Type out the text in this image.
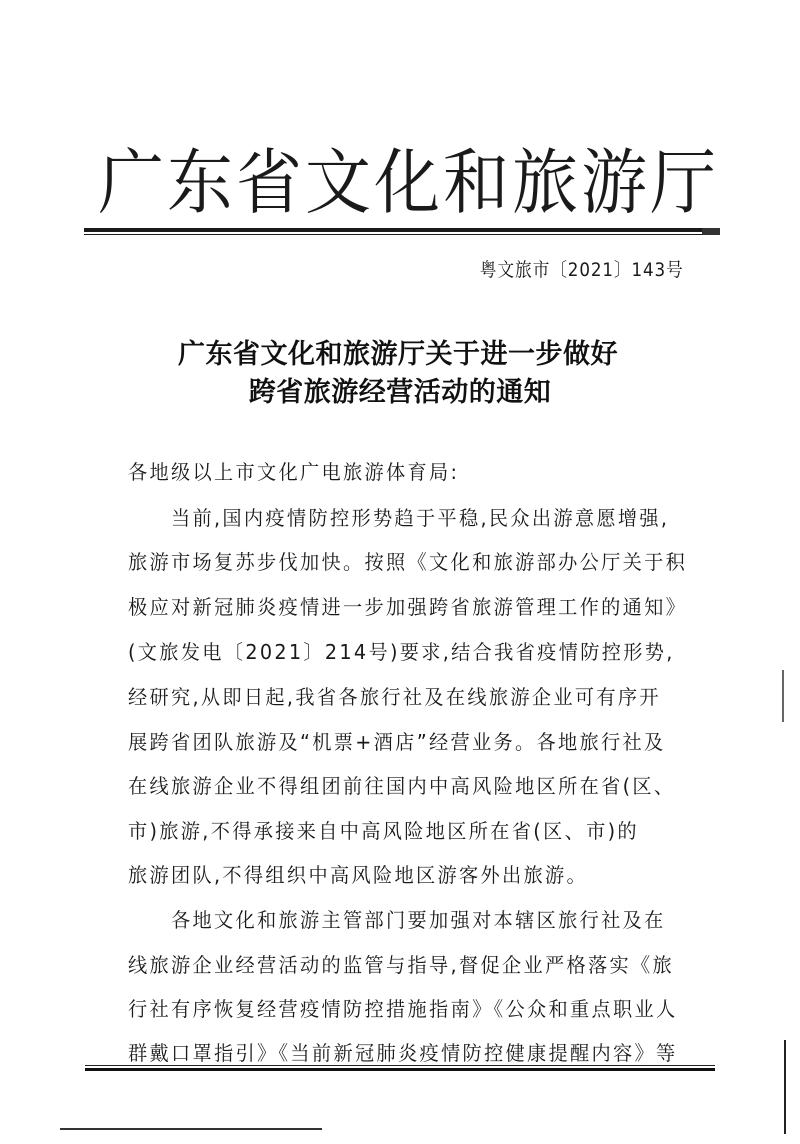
广东省文化和旅游厅
粤文旅市〔2021〕143号
广东省文化和旅游厅关于进一步做好
跨省旅游经营活动的通知
各地级以上市文化广电旅游体育局:
　　当前,国内疫情防控形势趋于平稳,民众出游意愿增强,
旅游市场复苏步伐加快。按照《文化和旅游部办公厅关于积
极应对新冠肺炎疫情进一步加强跨省旅游管理工作的通知》
(文旅发电〔2021〕214号)要求,结合我省疫情防控形势,
经研究,从即日起,我省各旅行社及在线旅游企业可有序开
展跨省团队旅游及“机票+酒店”经营业务。各地旅行社及
在线旅游企业不得组团前往国内中高风险地区所在省(区、
市)旅游,不得承接来自中高风险地区所在省(区、市)的
旅游团队,不得组织中高风险地区游客外出旅游。
　　各地文化和旅游主管部门要加强对本辖区旅行社及在
线旅游企业经营活动的监管与指导,督促企业严格落实《旅
行社有序恢复经营疫情防控措施指南》《公众和重点职业人
群戴口罩指引》《当前新冠肺炎疫情防控健康提醒内容》等
